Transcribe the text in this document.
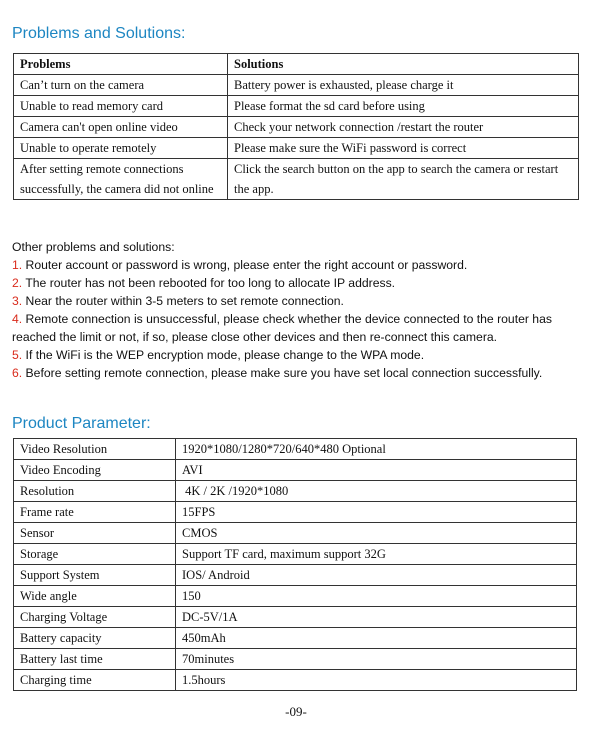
Problems and Solutions:
Problems	Solutions
Can’t turn on the camera	Battery power is exhausted, please charge it
Unable to read memory card	Please format the sd card before using
Camera can't open online video	Check your network connection /restart the router
Unable to operate remotely	Please make sure the WiFi password is correct
After setting remote connections successfully, the camera did not online	Click the search button on the app to search the camera or restart the app.

Other problems and solutions:

1. Router account or password is wrong, please enter the right account or password.

2. The router has not been rebooted for too long to allocate IP address.

3. Near the router within 3-5 meters to set remote connection.

4. Remote connection is unsuccessful, please check whether the device connected to the router has reached the limit or not, if so, please close other devices and then re-connect this camera.

5. If the WiFi is the WEP encryption mode, please change to the WPA mode.

6. Before setting remote connection, please make sure you have set local connection successfully.

Product Parameter:
Video Resolution	1920*1080/1280*720/640*480 Optional
Video Encoding	AVI
Resolution	4K / 2K /1920*1080
Frame rate	15FPS
Sensor	CMOS
Storage	Support TF card, maximum support 32G
Support System	IOS/ Android
Wide angle	150
Charging Voltage	DC-5V/1A
Battery capacity	450mAh
Battery last time	70minutes
Charging time	1.5hours
-09-
